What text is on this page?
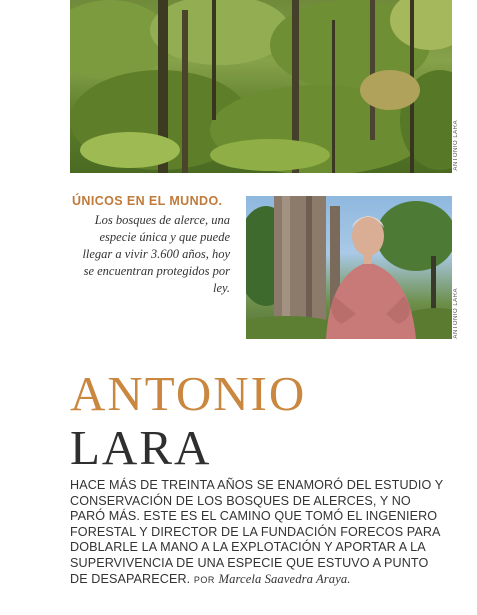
ANTONIO LARA
ÚNICOS EN EL MUNDO.
Los bosques de alerce, una especie única y que puede llegar a vivir 3.600 años, hoy se encuentran protegidos por ley.	ANTONIO LARA
ANTONIO
LARA

HACE MÁS DE TREINTA AÑOS SE ENAMORÓ DEL ESTUDIO Y CONSERVACIÓN DE LOS BOSQUES DE ALERCES, Y NO PARÓ MÁS. ESTE ES EL CAMINO QUE TOMÓ EL INGENIERO FORESTAL Y DIRECTOR DE LA FUNDACIÓN FORECOS PARA DOBLARLE LA MANO A LA EXPLOTACIÓN Y APORTAR A LA SUPERVIVENCIA DE UNA ESPECIE QUE ESTUVO A PUNTO DE DESAPARECER. POR Marcela Saavedra Araya.
